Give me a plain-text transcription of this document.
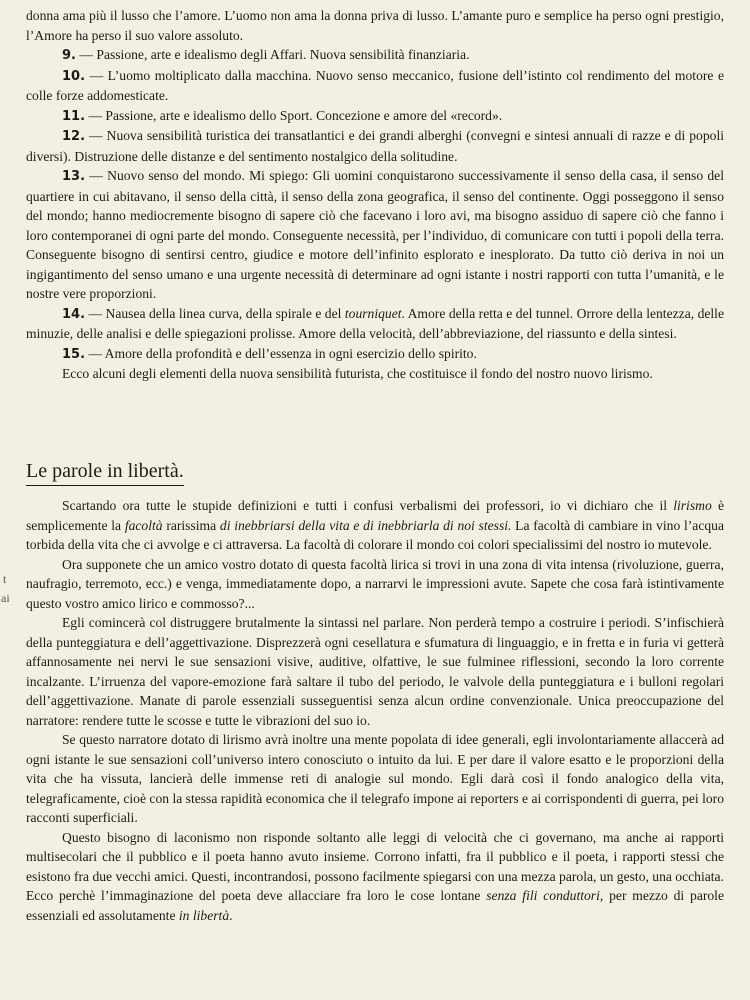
donna ama più il lusso che l’amore. L’uomo non ama la donna priva di lusso. L’amante puro e semplice ha perso ogni prestigio, l’Amore ha perso il suo valore assoluto.

9. — Passione, arte e idealismo degli Affari. Nuova sensibilità finanziaria.

10. — L’uomo moltiplicato dalla macchina. Nuovo senso meccanico, fusione dell’istinto col rendimento del motore e colle forze addomesticate.

11. — Passione, arte e idealismo dello Sport. Concezione e amore del «record».

12. — Nuova sensibilità turistica dei transatlantici e dei grandi alberghi (convegni e sintesi annuali di razze e di popoli diversi). Distruzione delle distanze e del sentimento nostalgico della solitudine.

13. — Nuovo senso del mondo. Mi spiego: Gli uomini conquistarono successivamente il senso della casa, il senso del quartiere in cui abitavano, il senso della città, il senso della zona geografica, il senso del continente. Oggi posseggono il senso del mondo; hanno mediocremente bisogno di sapere ciò che facevano i loro avi, ma bisogno assiduo di sapere ciò che fanno i loro contemporanei di ogni parte del mondo. Conseguente necessità, per l’individuo, di comunicare con tutti i popoli della terra. Conseguente bisogno di sentirsi centro, giudice e motore dell’infinito esplorato e inesplorato. Da tutto ciò deriva in noi un ingigantimento del senso umano e una urgente necessità di determinare ad ogni istante i nostri rapporti con tutta l’umanità, e le nostre vere proporzioni.

14. — Nausea della linea curva, della spirale e del tourniquet. Amore della retta e del tunnel. Orrore della lentezza, delle minuzie, delle analisi e delle spiegazioni prolisse. Amore della velocità, dell’abbreviazione, del riassunto e della sintesi.

15. — Amore della profondità e dell’essenza in ogni esercizio dello spirito.

Ecco alcuni degli elementi della nuova sensibilità futurista, che costituisce il fondo del nostro nuovo lirismo.

Le parole in libertà.

Scartando ora tutte le stupide definizioni e tutti i confusi verbalismi dei professori, io vi dichiaro che il lirismo è semplicemente la facoltà rarissima di inebbriarsi della vita e di inebbriarla di noi stessi. La facoltà di cambiare in vino l’acqua torbida della vita che ci avvolge e ci attraversa. La facoltà di colorare il mondo coi colori specialissimi del nostro io mutevole.

Ora supponete che un amico vostro dotato di questa facoltà lirica si trovi in una zona di vita intensa (rivoluzione, guerra, naufragio, terremoto, ecc.) e venga, immediatamente dopo, a narrarvi le impressioni avute. Sapete che cosa farà istintivamente questo vostro amico lirico e commosso?...

Egli comincerà col distruggere brutalmente la sintassi nel parlare. Non perderà tempo a costruire i periodi. S’infischierà della punteggiatura e dell’aggettivazione. Disprezzerà ogni cesellatura e sfumatura di linguaggio, e in fretta e in furia vi getterà affannosamente nei nervi le sue sensazioni visive, auditive, olfattive, le sue fulminee riflessioni, secondo la loro corrente incalzante. L’irruenza del vapore-emozione farà saltare il tubo del periodo, le valvole della punteggiatura e i bulloni regolari dell’aggettivazione. Manate di parole essenziali susseguentisi senza alcun ordine convenzionale. Unica preoccupazione del narratore: rendere tutte le scosse e tutte le vibrazioni del suo io.

Se questo narratore dotato di lirismo avrà inoltre una mente popolata di idee generali, egli involontariamente allaccerà ad ogni istante le sue sensazioni coll’universo intero conosciuto o intuito da lui. E per dare il valore esatto e le proporzioni della vita che ha vissuta, lancierà delle immense reti di analogie sul mondo. Egli darà così il fondo analogico della vita, telegraficamente, cioè con la stessa rapidità economica che il telegrafo impone ai reporters e ai corrispondenti di guerra, pei loro racconti superficiali.

Questo bisogno di laconismo non risponde soltanto alle leggi di velocità che ci governano, ma anche ai rapporti multisecolari che il pubblico e il poeta hanno avuto insieme. Corrono infatti, fra il pubblico e il poeta, i rapporti stessi che esistono fra due vecchi amici. Questi, incontrandosi, possono facilmente spiegarsi con una mezza parola, un gesto, una occhiata. Ecco perchè l’immaginazione del poeta deve allacciare fra loro le cose lontane senza fili conduttori, per mezzo di parole essenziali ed assolutamente in libertà.

t
ai
